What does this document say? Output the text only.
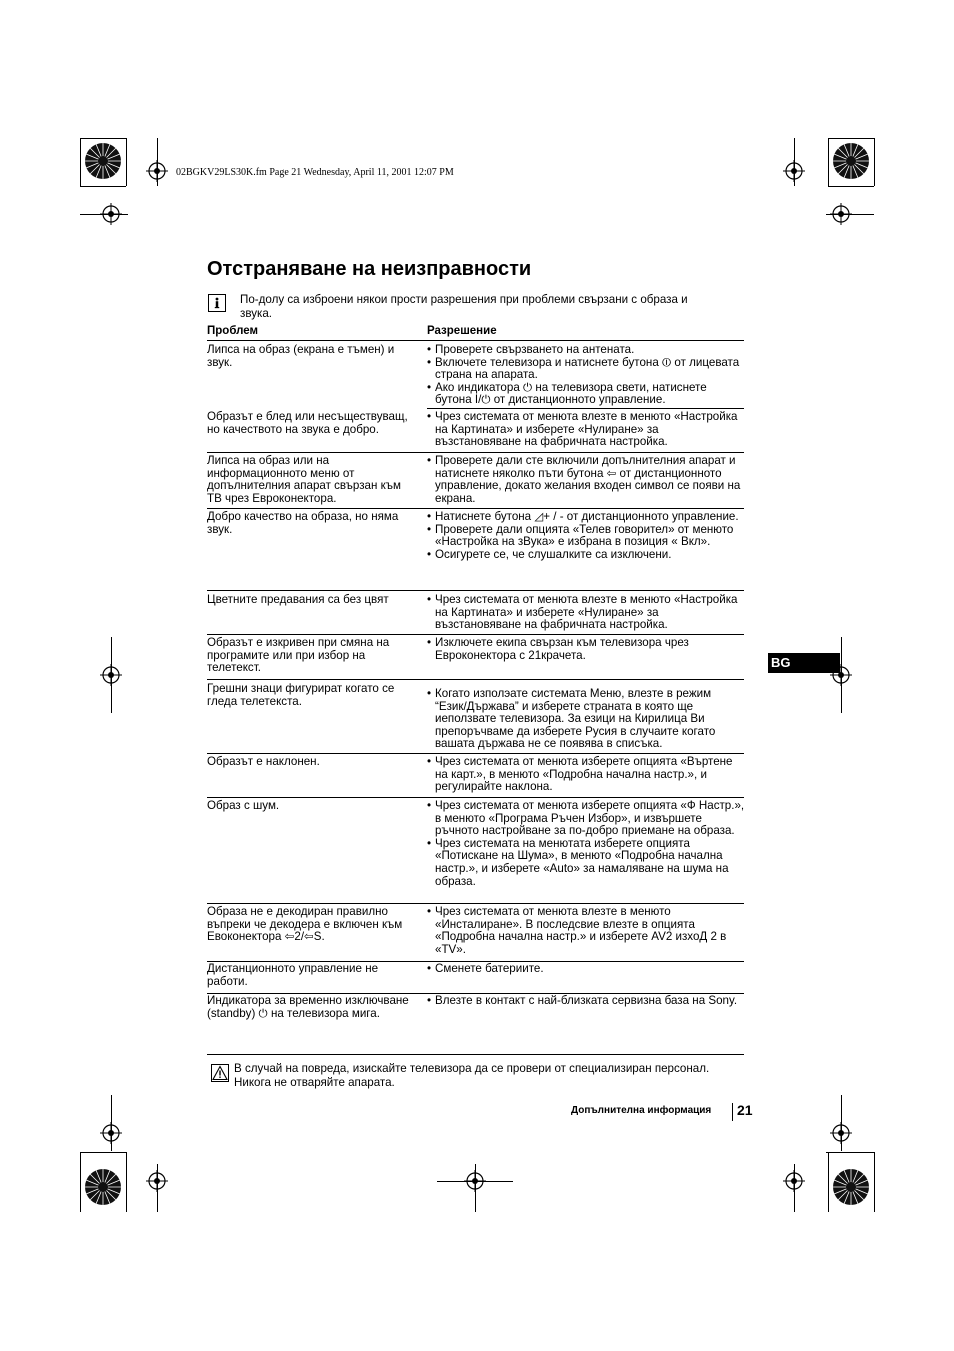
02BGKV29LS30K.fm Page 21 Wednesday, April 11, 2001 12:07 PM
Отстраняване на неизправности
По-долу са изброени някои прости разрешения при проблеми свързани с образа и звука.
Проблем	Разрешение
Липса на образ (екрана е тъмен) и звук.
• Проверете свързването на антената.
• Включете телевизора и натиснете бутона ⏼ от лицевата страна на апарата.
• Ако индикатора ⏻ на телевизора свети, натиснете бутона I/⏻ от дистанционното управление.
Образът е блед или несъществуващ, но качеството на звука е добро.
• Чрез системата от менюта влезте в менюто «Настройка на Картината» и изберете «Нулиране» за възстановяване на фабричната настройка.
Липса на образ или на информационното меню от допълнителния апарат свързан към ТВ чрез Евроконектора.
• Проверете дали сте включили допълнителния апарат и натиснете няколко пъти бутона ⇦ от дистанционното управление, докато желания входен символ се появи на екрана.
Добро качество на образа, но няма звук.
• Натиснете бутона ◿+ / - от дистанционното управление.
• Проверете дали опцията «Телев говорител» от менюто «Настройка на зВука» е избрана в позиция « Вкл».
• Осигурете се, че слушалките са изключени.
Цветните предавания са без цвят	• Чрез системата от менюта влезте в менюто «Настройка на Картината» и изберете «Нулиране» за възстановяване на фабричната настройка.
Образът е изкривен при смяна на програмите или при избор на телетекст.
• Изключете екипа свързан към телевизора чрез Евроконектора с 21крачета.
Грешни знаци фигурират когато се гледа телетекста.
• Когато изполэате системата Меню, влезте в режим “Език/Държава” и изберете страната в която ще иеползвате телевизора. За езици на Кирилица Ви препоръчваме да изберете Русия в случаите когато вашата държава не се появява в списъка.
Образът е наклонен.	• Чрез системата от менюта изберете опцията «Въртене на карт.», в менюто «Подробна начална настр.», и регулирайте наклона.
Образ с шум.	• Чрез системата от менюта изберете опцията «Ф Настр.», в менюто «Програма Ръчен Избор», и извършете ръчното настройване за по-добро приемане на образа.
• Чрез системата на менютата изберете опцията «Потискане на Шума», в менюто «Подробна начална настр.», и изберете «Auto» за намаляване на шума на образа.
Образа не е декодиран правилно въпреки че декодера е включен към Евоконектора ⇦2/⇦S.
• Чрез системата от менюта влезте в менюто «Инсталиране». В последсвие влезте в опцията «Подробна начална настр.» и изберете AV2 изхоД 2 в «TV».
Дистанционното управление не работи.
• Сменете батериите.
Индикатора за временно изключване (standby) ⏻ на телевизора мига.
• Влезте в контакт с най-близката сервизна база на Sony.
В случай на повреда, изискайте телевизора да се провери от специализиран персонал. Никога не отваряйте апарата.
BG
Допълнителна информация 21
